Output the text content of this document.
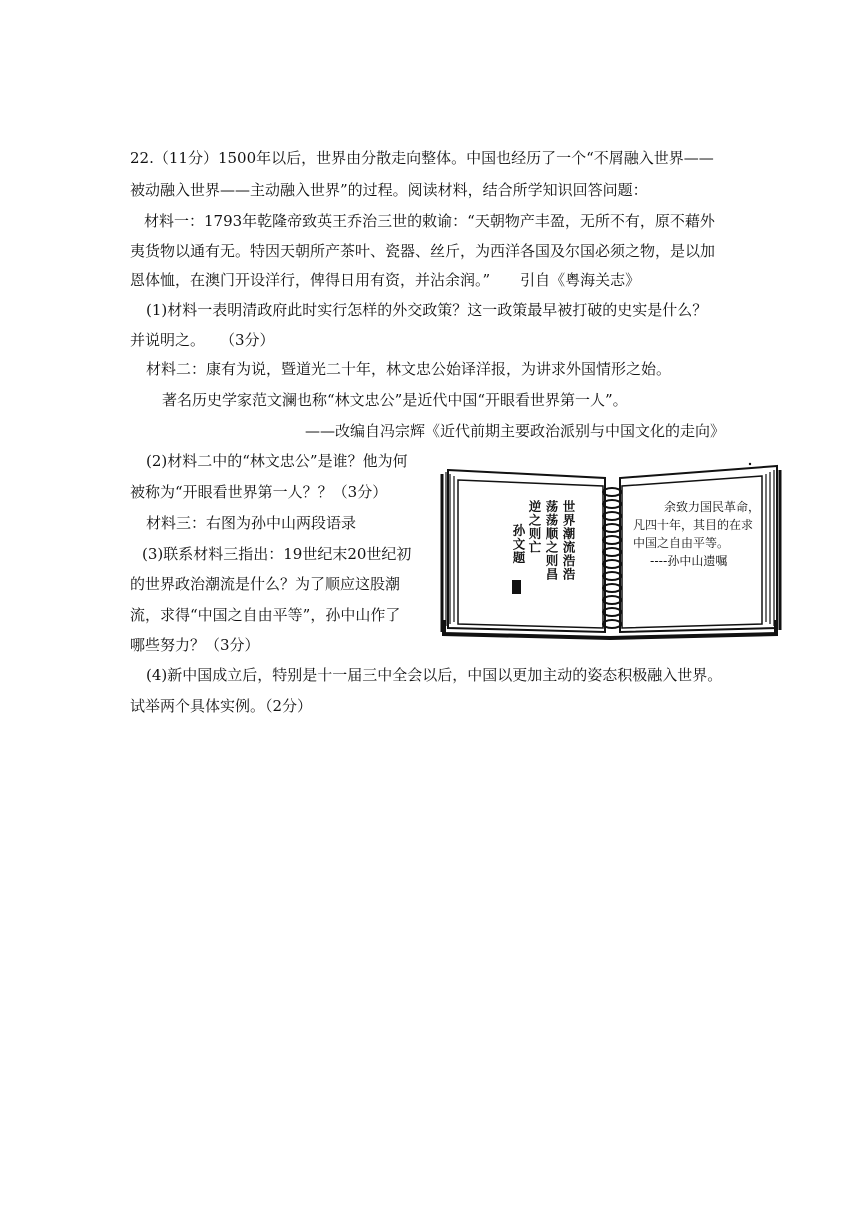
22.（11分）1500年以后，世界由分散走向整体。中国也经历了一个“不屑融入世界——
被动融入世界——主动融入世界”的过程。阅读材料，结合所学知识回答问题：
材料一：1793年乾隆帝致英王乔治三世的敕谕：“天朝物产丰盈，无所不有，原不藉外
夷货物以通有无。特因天朝所产茶叶、瓷器、丝斤，为西洋各国及尔国必须之物，是以加
恩体恤，在澳门开设洋行，俾得日用有资，并沾余润。”　　引自《粤海关志》
(1)材料一表明清政府此时实行怎样的外交政策？这一政策最早被打破的史实是什么？
并说明之。　　（3分）
材料二：康有为说，暨道光二十年，林文忠公始译洋报，为讲求外国情形之始。
著名历史学家范文澜也称“林文忠公”是近代中国“开眼看世界第一人”。
——改编自冯宗辉《近代前期主要政治派别与中国文化的走向》
(2)材料二中的“林文忠公”是谁？他为何
被称为“开眼看世界第一人？？（3分）
材料三：右图为孙中山两段语录
(3)联系材料三指出：19世纪末20世纪初
的世界政治潮流是什么？为了顺应这股潮
流，求得“中国之自由平等”，孙中山作了
哪些努力？（3分）
(4)新中国成立后，特别是十一届三中全会以后，中国以更加主动的姿态积极融入世界。
试举两个具体实例。（2分）
世界潮流浩浩
荡荡顺之则昌
逆之则亡
孙文题
余致力国民革命，
凡四十年，其目的在求
中国之自由平等。
----孙中山遗嘱
